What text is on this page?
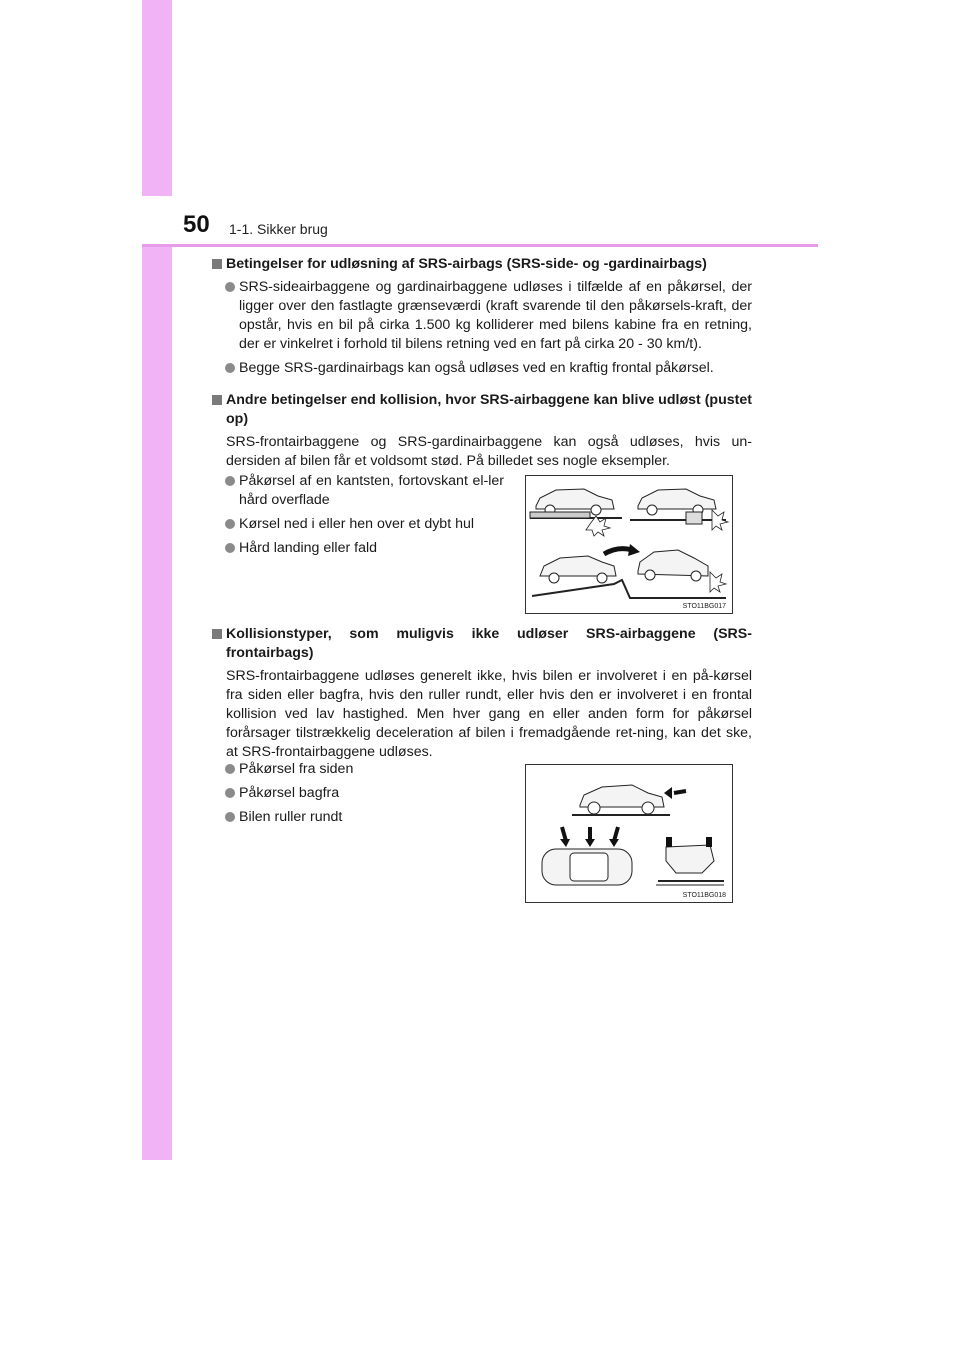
50 1-1. Sikker brug
Betingelser for udløsning af SRS-airbags (SRS-side- og -gardinairbags)
SRS-sideairbaggene og gardinairbaggene udløses i tilfælde af en påkørsel, der ligger over den fastlagte grænseværdi (kraft svarende til den påkørsels-kraft, der opstår, hvis en bil på cirka 1.500 kg kolliderer med bilens kabine fra en retning, der er vinkelret i forhold til bilens retning ved en fart på cirka 20 - 30 km/t).
Begge SRS-gardinairbags kan også udløses ved en kraftig frontal påkørsel.
Andre betingelser end kollision, hvor SRS-airbaggene kan blive udløst (pustet op)
SRS-frontairbaggene og SRS-gardinairbaggene kan også udløses, hvis un-dersiden af bilen får et voldsomt stød. På billedet ses nogle eksempler.
Påkørsel af en kantsten, fortovskant el-ler hård overflade
Kørsel ned i eller hen over et dybt hul
Hård landing eller fald
STO11BG017
Kollisionstyper, som muligvis ikke udløser SRS-airbaggene (SRS-frontairbags)
SRS-frontairbaggene udløses generelt ikke, hvis bilen er involveret i en på-kørsel fra siden eller bagfra, hvis den ruller rundt, eller hvis den er involveret i en frontal kollision ved lav hastighed. Men hver gang en eller anden form for påkørsel forårsager tilstrækkelig deceleration af bilen i fremadgående ret-ning, kan det ske, at SRS-frontairbaggene udløses.
Påkørsel fra siden
Påkørsel bagfra
Bilen ruller rundt
STO11BG018
